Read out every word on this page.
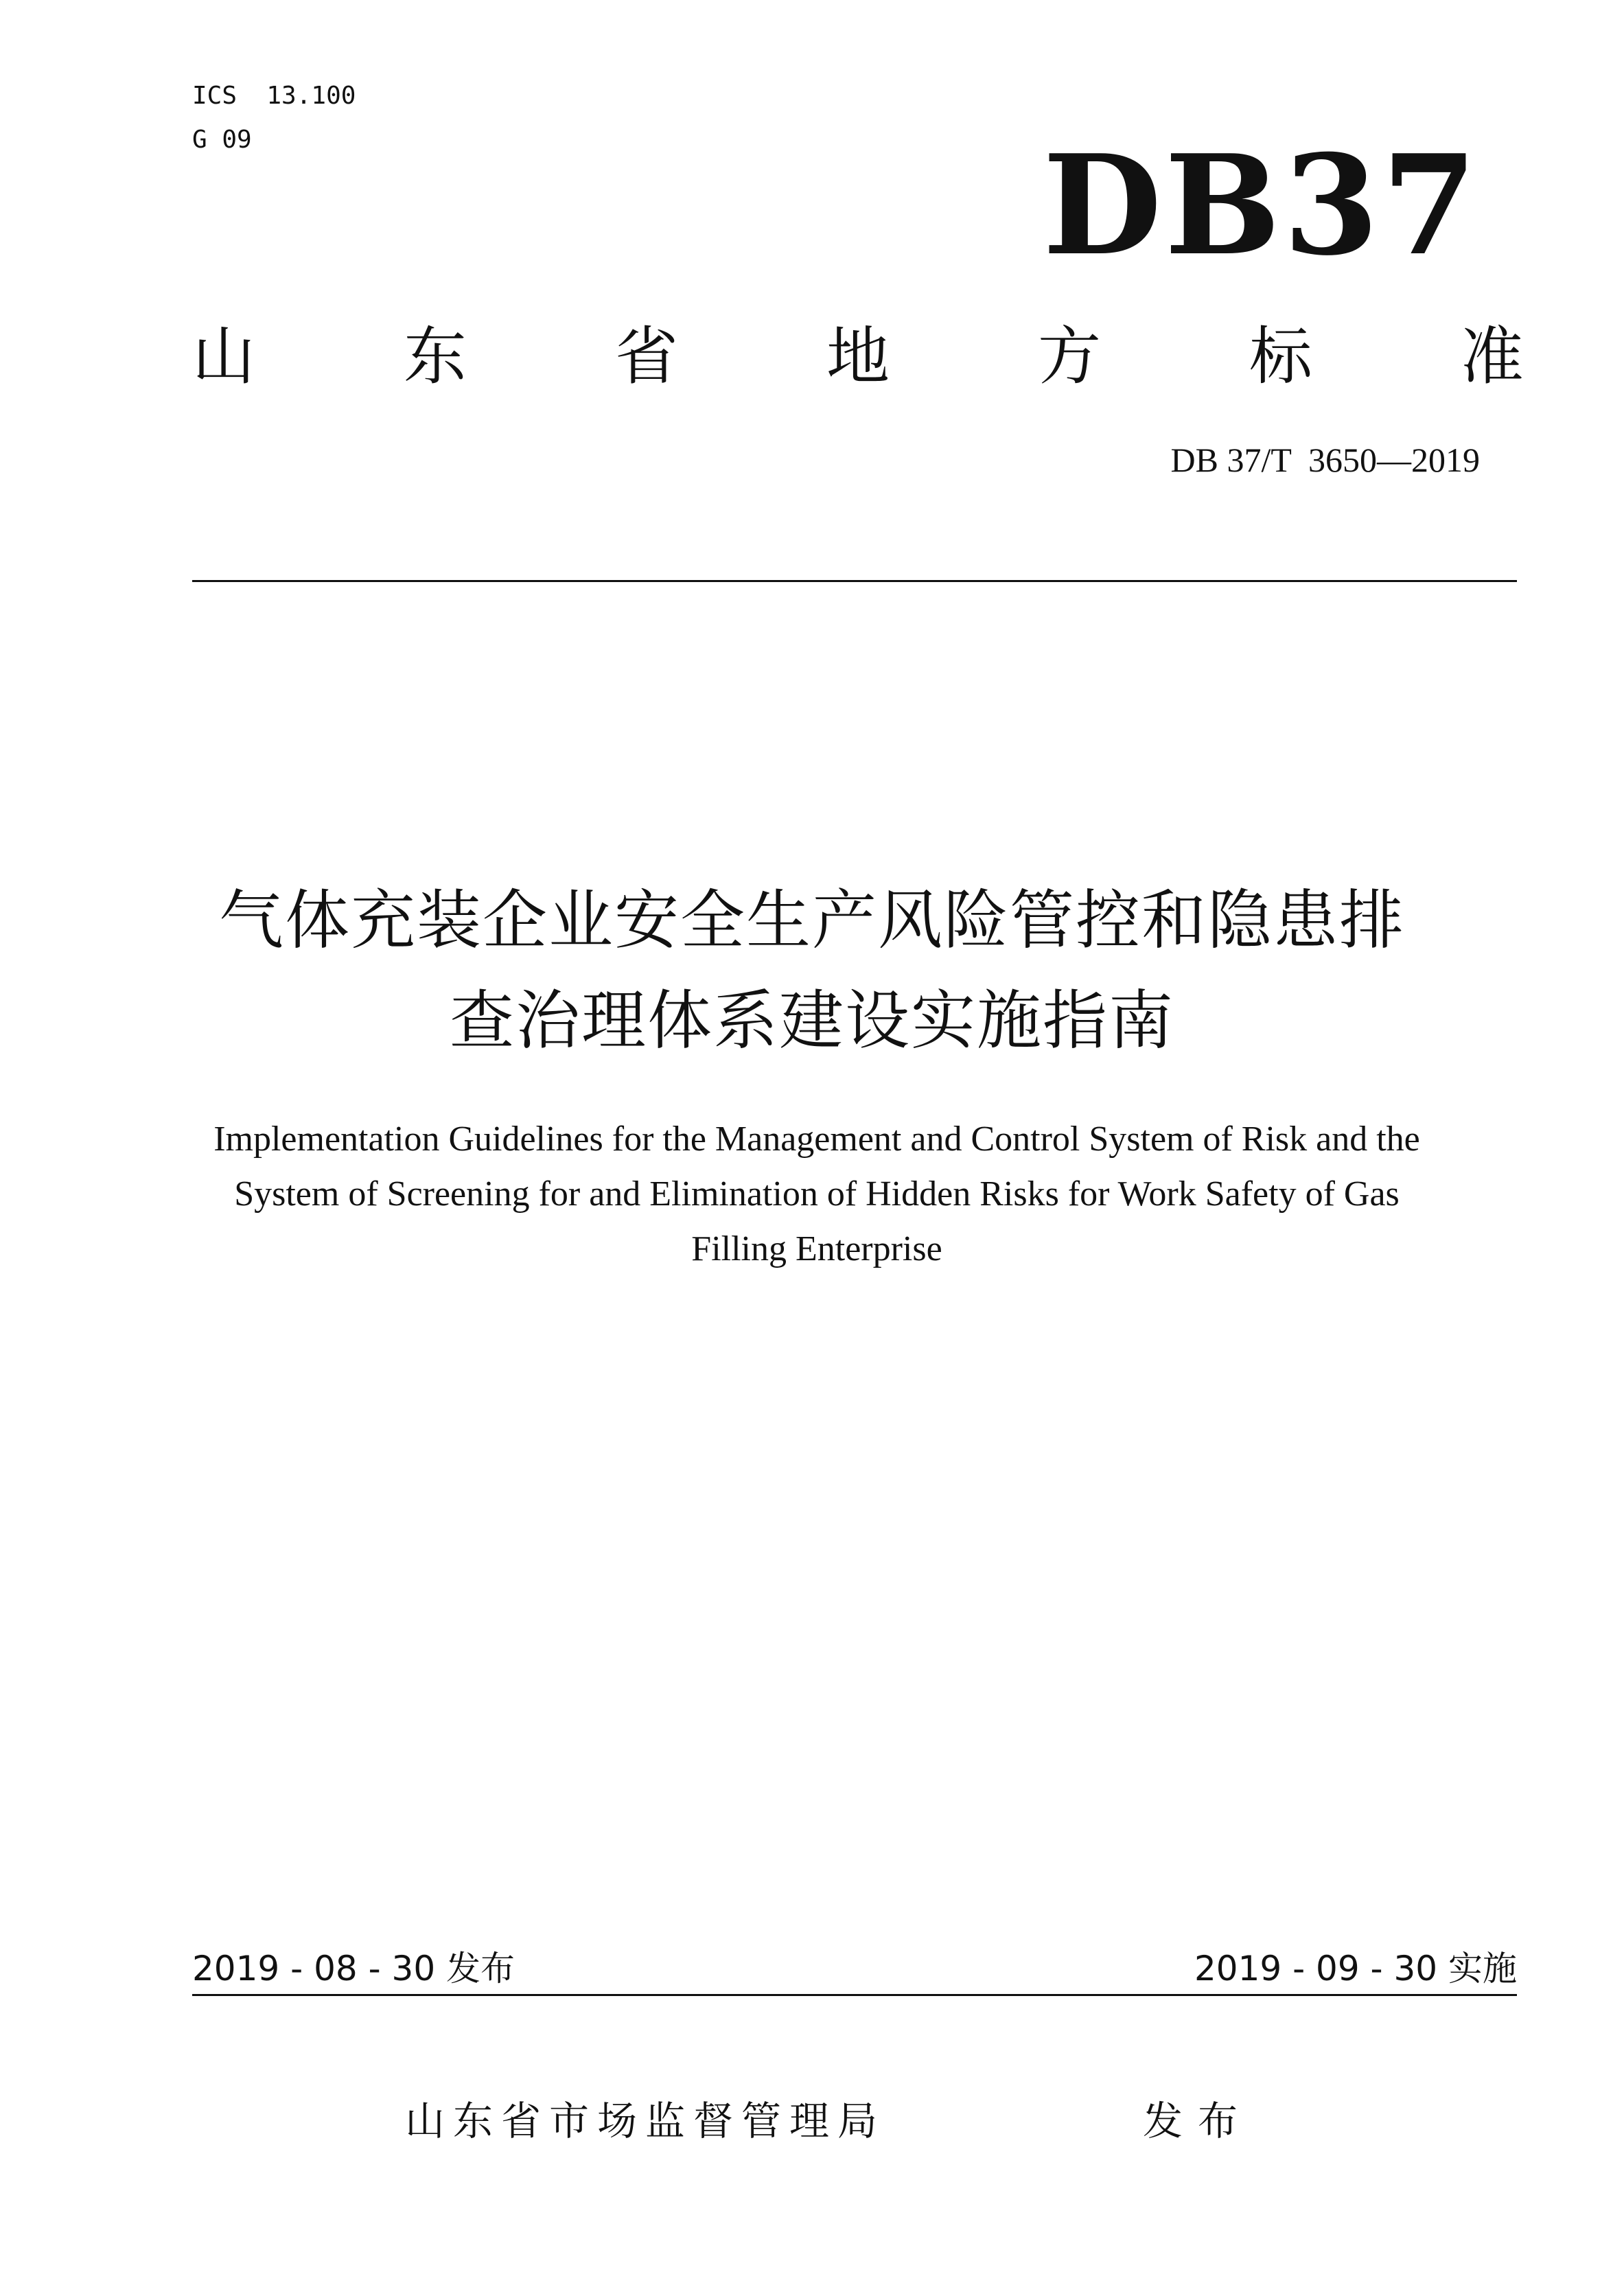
ICS  13.100
G 09	DB37
山 东 省 地 方 标 准
DB 37/T  3650—2019
气体充装企业安全生产风险管控和隐患排
查治理体系建设实施指南
Implementation Guidelines for the Management and Control System of Risk and the
System of Screening for and Elimination of Hidden Risks for Work Safety of Gas
Filling Enterprise
2019 - 08 - 30 发布	2019 - 09 - 30 实施
山东省市场监督管理局	发布
